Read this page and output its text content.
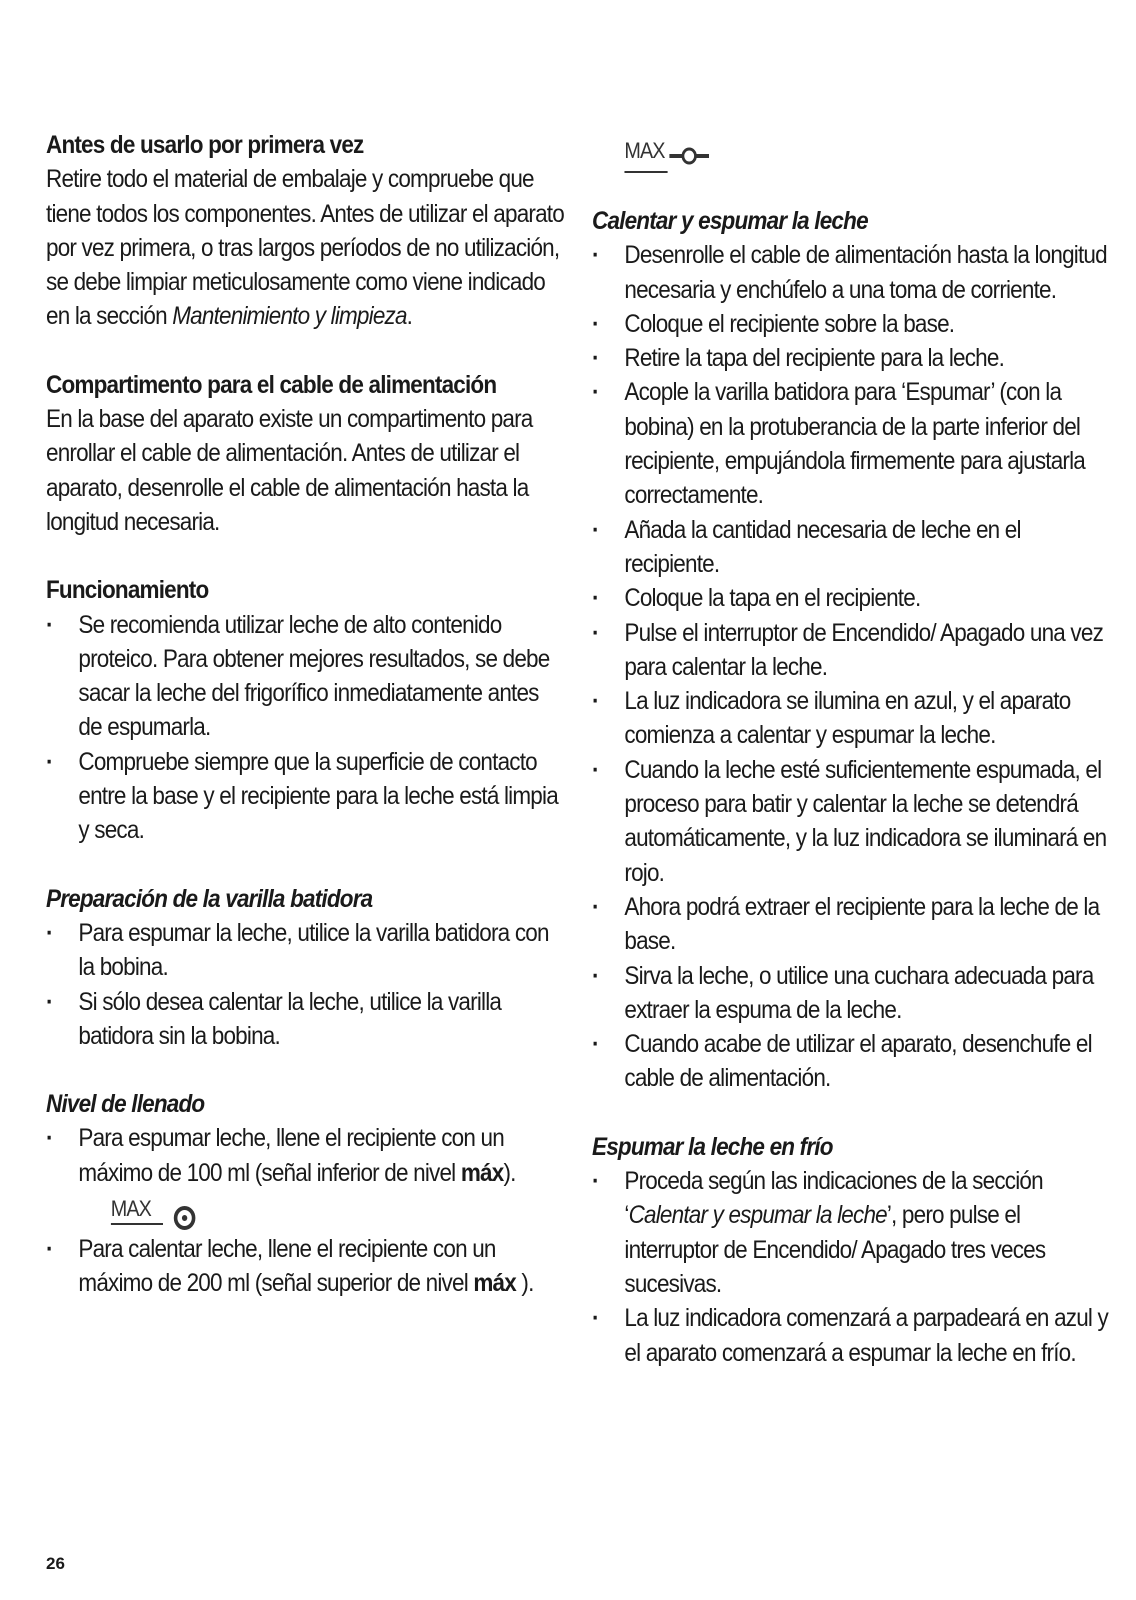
Antes de usarlo por primera vez

Retire todo el material de embalaje y compruebe que tiene todos los componentes. Antes de utilizar el aparato por vez primera, o tras largos períodos de no utilización, se debe limpiar meticulosamente como viene indicado en la sección Mantenimiento y limpieza.

Compartimento para el cable de alimentación

En la base del aparato existe un compartimento para enrollar el cable de alimentación. Antes de utilizar el aparato, desenrolle el cable de alimentación hasta la longitud necesaria.

Funcionamiento
· Se recomienda utilizar leche de alto contenido proteico. Para obtener mejores resultados, se debe sacar la leche del frigorífico inmediatamente antes de espumarla.
· Compruebe siempre que la superficie de contacto entre la base y el recipiente para la leche está limpia y seca.
Preparación de la varilla batidora
· Para espumar la leche, utilice la varilla batidora con la bobina.
· Si sólo desea calentar la leche, utilice la varilla batidora sin la bobina.
Nivel de llenado
· Para espumar leche, llene el recipiente con un máximo de 100 ml (señal inferior de nivel máx).
MAX
· Para calentar leche, llene el recipiente con un máximo de 200 ml (señal superior de nivel máx ).
MAX
Calentar y espumar la leche
· Desenrolle el cable de alimentación hasta la longitud necesaria y enchúfelo a una toma de corriente.
· Coloque el recipiente sobre la base.
· Retire la tapa del recipiente para la leche.
· Acople la varilla batidora para ‘Espumar’ (con la bobina) en la protuberancia de la parte inferior del recipiente, empujándola firmemente para ajustarla correctamente.
· Añada la cantidad necesaria de leche en el recipiente.
· Coloque la tapa en el recipiente.
· Pulse el interruptor de Encendido/ Apagado una vez para calentar la leche.
· La luz indicadora se ilumina en azul, y el aparato comienza a calentar y espumar la leche.
· Cuando la leche esté suficientemente espumada, el proceso para batir y calentar la leche se detendrá automáticamente, y la luz indicadora se iluminará en rojo.
· Ahora podrá extraer el recipiente para la leche de la base.
· Sirva la leche, o utilice una cuchara adecuada para extraer la espuma de la leche.
· Cuando acabe de utilizar el aparato, desenchufe el cable de alimentación.
Espumar la leche en frío
· Proceda según las indicaciones de la sección ‘Calentar y espumar la leche’, pero pulse el interruptor de Encendido/ Apagado tres veces sucesivas.
· La luz indicadora comenzará a parpadeará en azul y el aparato comenzará a espumar la leche en frío.
26
